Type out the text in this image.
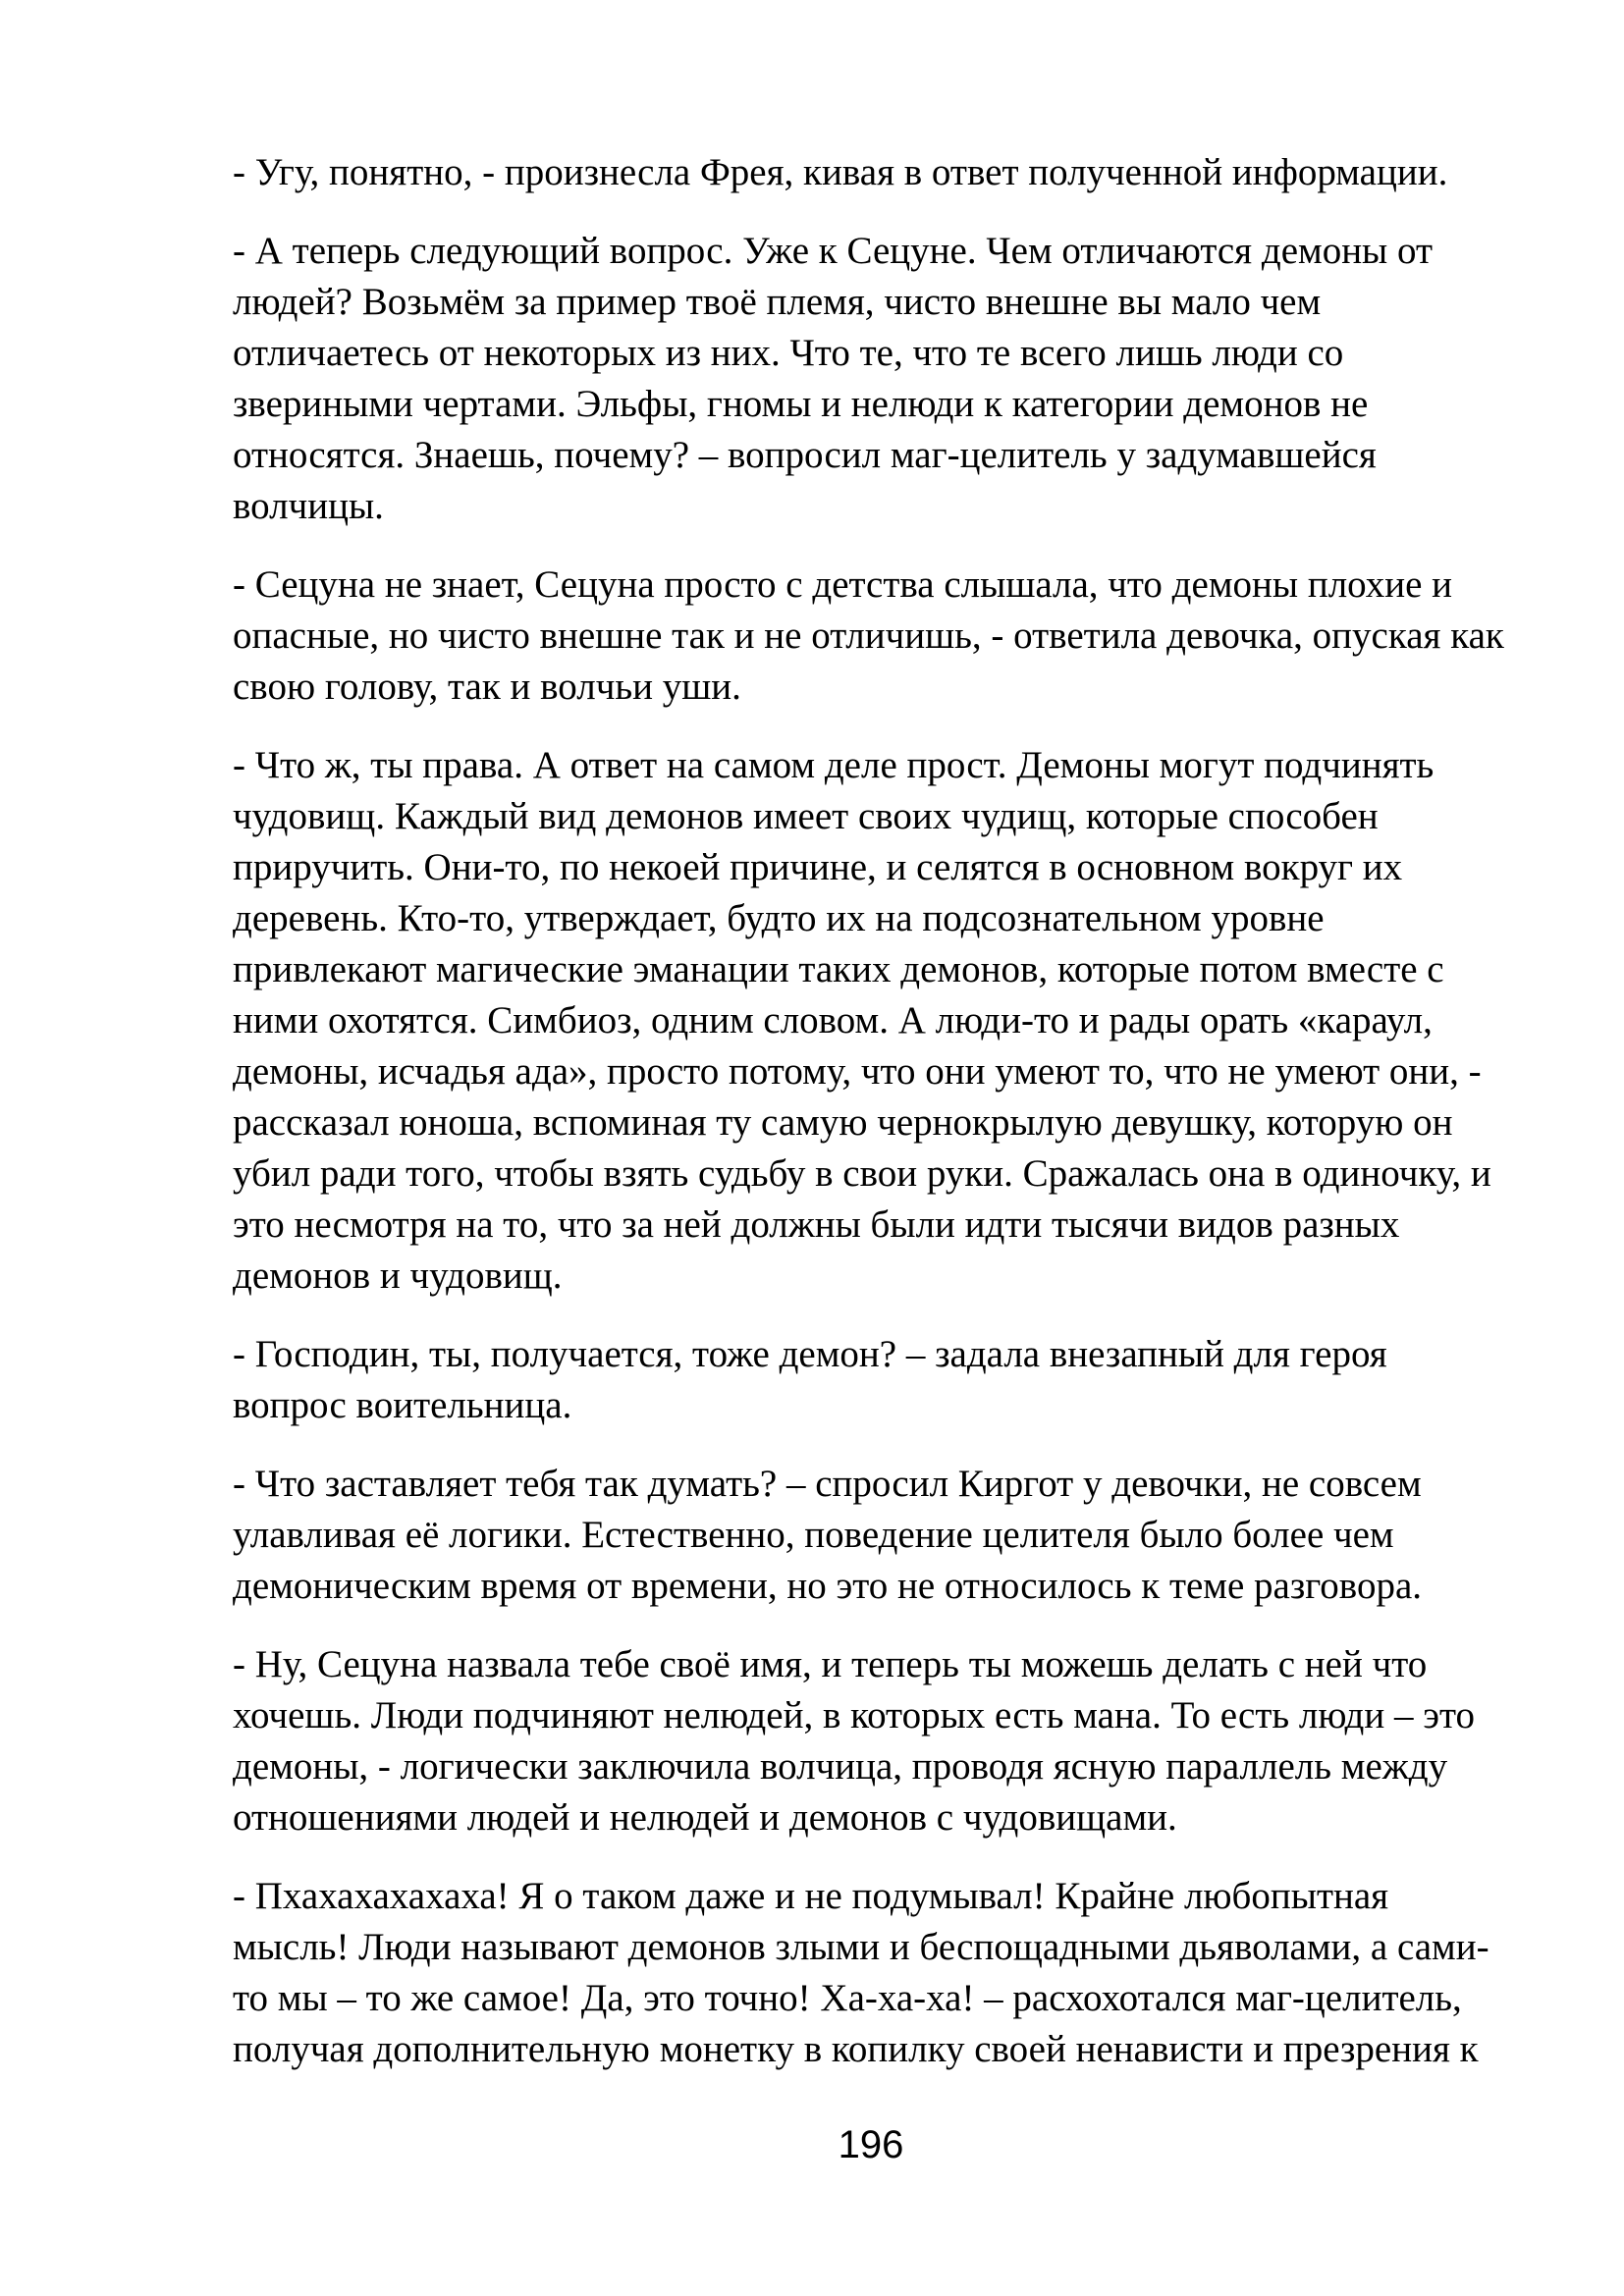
- Угу, понятно, - произнесла Фрея, кивая в ответ полученной информации.

- А теперь следующий вопрос. Уже к Сецуне. Чем отличаются демоны от людей? Возьмём за пример твоё племя, чисто внешне вы мало чем отличаетесь от некоторых из них. Что те, что те всего лишь люди со звериными чертами. Эльфы, гномы и нелюди к категории демонов не относятся. Знаешь, почему? – вопросил маг-целитель у задумавшейся волчицы.

- Сецуна не знает, Сецуна просто с детства слышала, что демоны плохие и опасные, но чисто внешне так и не отличишь, - ответила девочка, опуская как свою голову, так и волчьи уши.

- Что ж, ты права. А ответ на самом деле прост. Демоны могут подчинять чудовищ. Каждый вид демонов имеет своих чудищ, которые способен приручить. Они-то, по некоей причине, и селятся в основном вокруг их деревень. Кто-то, утверждает, будто их на подсознательном уровне привлекают магические эманации таких демонов, которые потом вместе с ними охотятся. Симбиоз, одним словом. А люди-то и рады орать «караул, демоны, исчадья ада», просто потому, что они умеют то, что не умеют они, - рассказал юноша, вспоминая ту самую чернокрылую девушку, которую он убил ради того, чтобы взять судьбу в свои руки. Сражалась она в одиночку, и это несмотря на то, что за ней должны были идти тысячи видов разных демонов и чудовищ.

- Господин, ты, получается, тоже демон? – задала внезапный для героя вопрос воительница.

- Что заставляет тебя так думать? – спросил Киргот у девочки, не совсем улавливая её логики. Естественно, поведение целителя было более чем демоническим время от времени, но это не относилось к теме разговора.

- Ну, Сецуна назвала тебе своё имя, и теперь ты можешь делать с ней что хочешь. Люди подчиняют нелюдей, в которых есть мана. То есть люди – это демоны, - логически заключила волчица, проводя ясную параллель между отношениями людей и нелюдей и демонов с чудовищами.

- Пхахахахахаха! Я о таком даже и не подумывал! Крайне любопытная мысль! Люди называют демонов злыми и беспощадными дьяволами, а сами-то мы – то же самое! Да, это точно! Ха-ха-ха! – расхохотался маг-целитель, получая дополнительную монетку в копилку своей ненависти и презрения к

196
